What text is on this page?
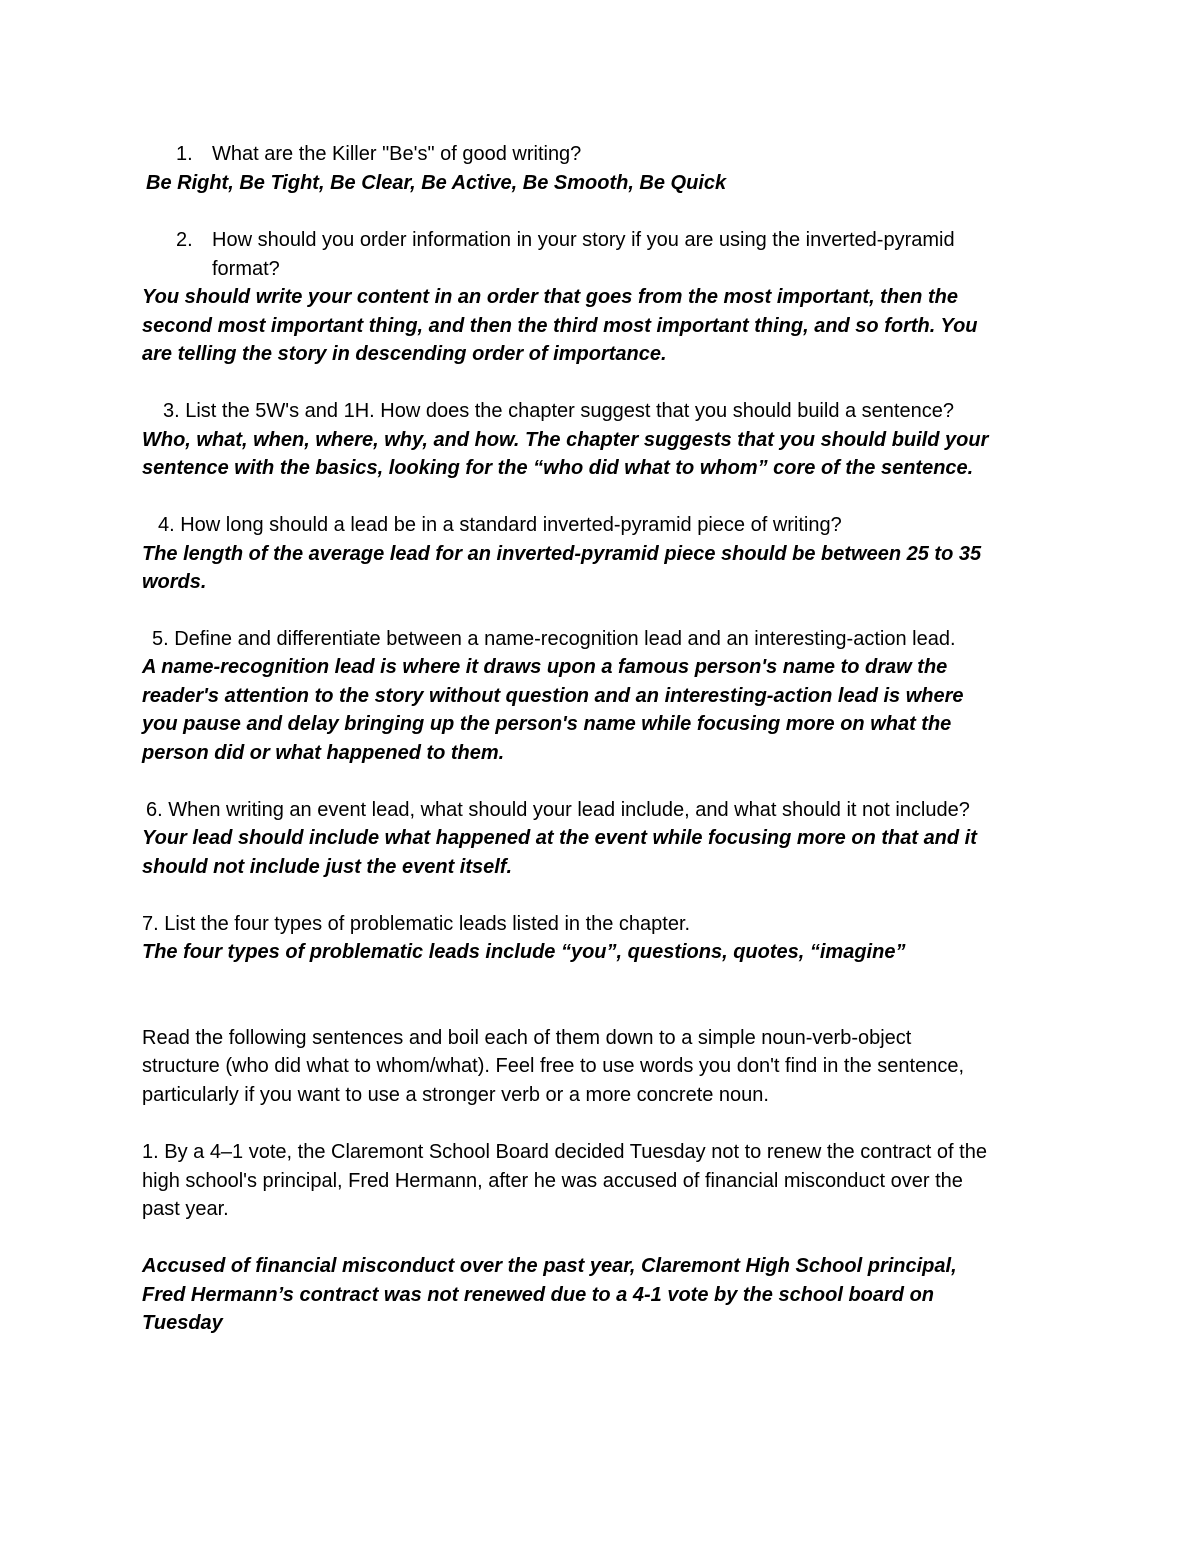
1. What are the Killer "Be's" of good writing?
Be Right, Be Tight, Be Clear, Be Active, Be Smooth, Be Quick
2. How should you order information in your story if you are using the inverted-pyramid
format?
You should write your content in an order that goes from the most important, then the
second most important thing, and then the third most important thing, and so forth. You
are telling the story in descending order of importance.
3. List the 5W's and 1H. How does the chapter suggest that you should build a sentence?
Who, what, when, where, why, and how. The chapter suggests that you should build your
sentence with the basics, looking for the “who did what to whom” core of the sentence.
4. How long should a lead be in a standard inverted-pyramid piece of writing?
The length of the average lead for an inverted-pyramid piece should be between 25 to 35
words.
5. Define and differentiate between a name-recognition lead and an interesting-action lead.
A name-recognition lead is where it draws upon a famous person's name to draw the
reader's attention to the story without question and an interesting-action lead is where
you pause and delay bringing up the person's name while focusing more on what the
person did or what happened to them.
6. When writing an event lead, what should your lead include, and what should it not include?
Your lead should include what happened at the event while focusing more on that and it
should not include just the event itself.
7. List the four types of problematic leads listed in the chapter.
The four types of problematic leads include “you”, questions, quotes, “imagine”
Read the following sentences and boil each of them down to a simple noun-verb-object
structure (who did what to whom/what). Feel free to use words you don't find in the sentence,
particularly if you want to use a stronger verb or a more concrete noun.
1. By a 4–1 vote, the Claremont School Board decided Tuesday not to renew the contract of the
high school's principal, Fred Hermann, after he was accused of financial misconduct over the
past year.
Accused of financial misconduct over the past year, Claremont High School principal,
Fred Hermann’s contract was not renewed due to a 4-1 vote by the school board on
Tuesday
